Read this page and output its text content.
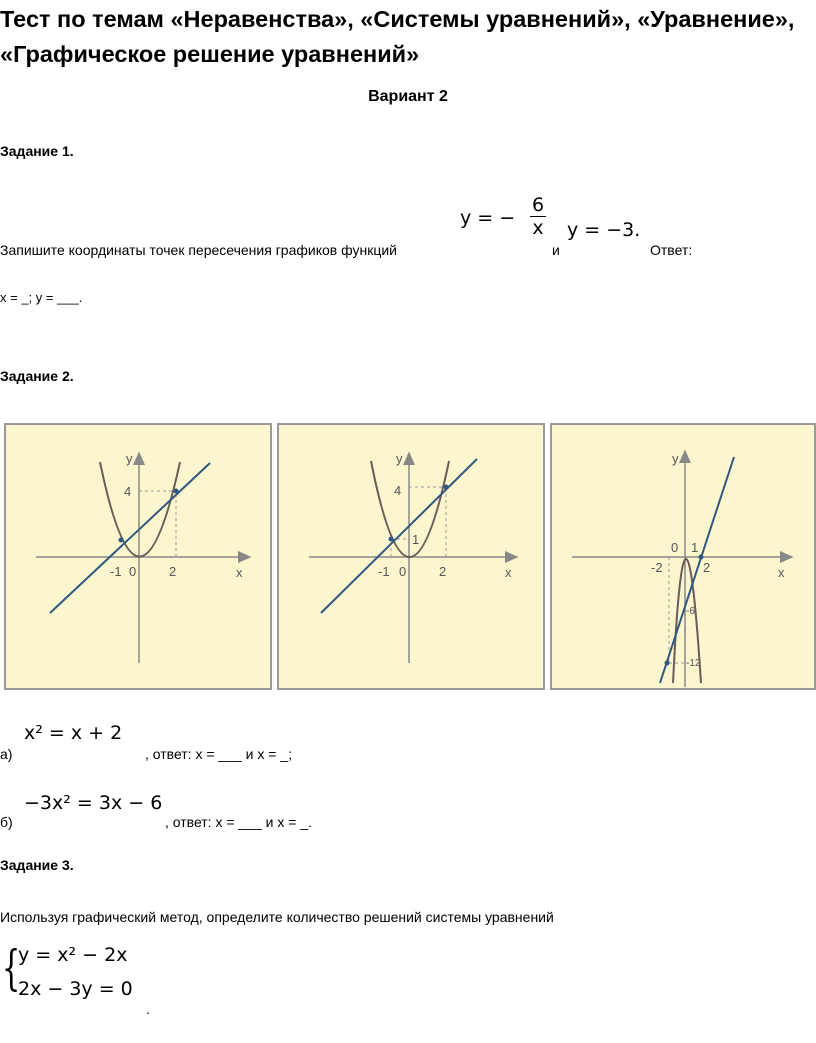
Тест по темам «Неравенства», «Системы уравнений», «Уравнение», «Графическое решение уравнений»
Вариант 2
Задание 1.
Запишите координаты точек пересечения графиков функций
y = − $\frac{6}{x}$
и
y = −3.
Ответ:
x = _; y = ___.
Задание 2.
y
x
4
-1 0	2
y
x
4
1
-1 0	2
y
x
0 1
-2	2
-6
-12
а)
x² = x + 2
, ответ: x = ___ и x = _;
б)
−3x² = 3x − 6
, ответ: x = ___ и x = _.
Задание 3.
Используя графический метод, определите количество решений системы уравнений
{
y = x² − 2x
2x − 3y = 0
.
